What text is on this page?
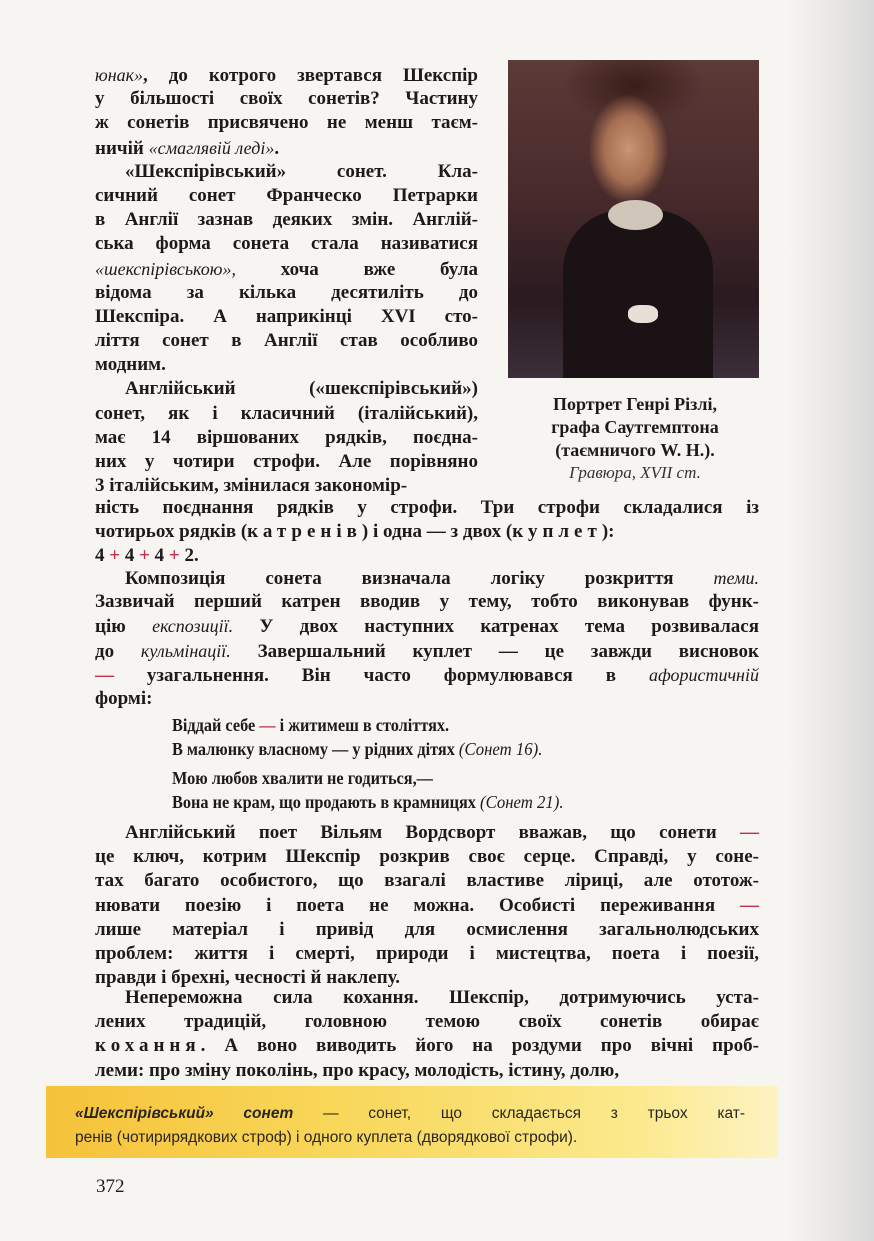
юнак», до котрого звертався Шекспір
у більшості своїх сонетів? Частину
ж сонетів присвячено не менш таєм-
ничій «смаглявій леді».
«Шекспірівський» сонет. Кла-
сичний сонет Франческо Петрарки
в Англії зазнав деяких змін. Англій-
ська форма сонета стала називатися
«шекспірівською», хоча вже була
відома за кілька десятиліть до
Шекспіра. А наприкінці XVI сто-
ліття сонет в Англії став особливо
модним.
Англійський («шекспірівський»)
сонет, як і класичний (італійський),
має 14 віршованих рядків, поєдна-
них у чотири строфи. Але порівняно
3 італійським, змінилася закономір-
Портрет Генрі Різлі,
графа Саутгемптона
(таємничого W. H.).
Гравюра, XVII ст.
ність поєднання рядків у строфи. Три строфи складалися із
чотирьох рядків (катренів) і одна — з двох (куплет):
4 + 4 + 4 + 2.
Композиція сонета визначала логіку розкриття теми.
Зазвичай перший катрен вводив у тему, тобто виконував функ-
цію експозиції. У двох наступних катренах тема розвивалася
до кульмінації. Завершальний куплет — це завжди висновок
— узагальнення. Він часто формулювався в афористичній
формі:
Віддай себе — і житимеш в століттях.
В малюнку власному — у рідних дітях (Сонет 16).
Мою любов хвалити не годиться,—
Вона не крам, що продають в крамницях (Сонет 21).
Англійський поет Вільям Вордсворт вважав, що сонети —
це ключ, котрим Шекспір розкрив своє серце. Справді, у соне-
тах багато особистого, що взагалі властиве ліриці, але ототож-
нювати поезію і поета не можна. Особисті переживання —
лише матеріал і привід для осмислення загальнолюдських
проблем: життя і смерті, природи і мистецтва, поета і поезії,
правди і брехні, чесності й наклепу.
Непереможна сила кохання. Шекспір, дотримуючись уста-
лених традицій, головною темою своїх сонетів обирає
кохання. А воно виводить його на роздуми про вічні проб-
леми: про зміну поколінь, про красу, молодість, істину, долю,
«Шекспірівський» сонет — сонет, що складається з трьох кат-
ренів (чотирирядкових строф) і одного куплета (дворядкової строфи).
372
